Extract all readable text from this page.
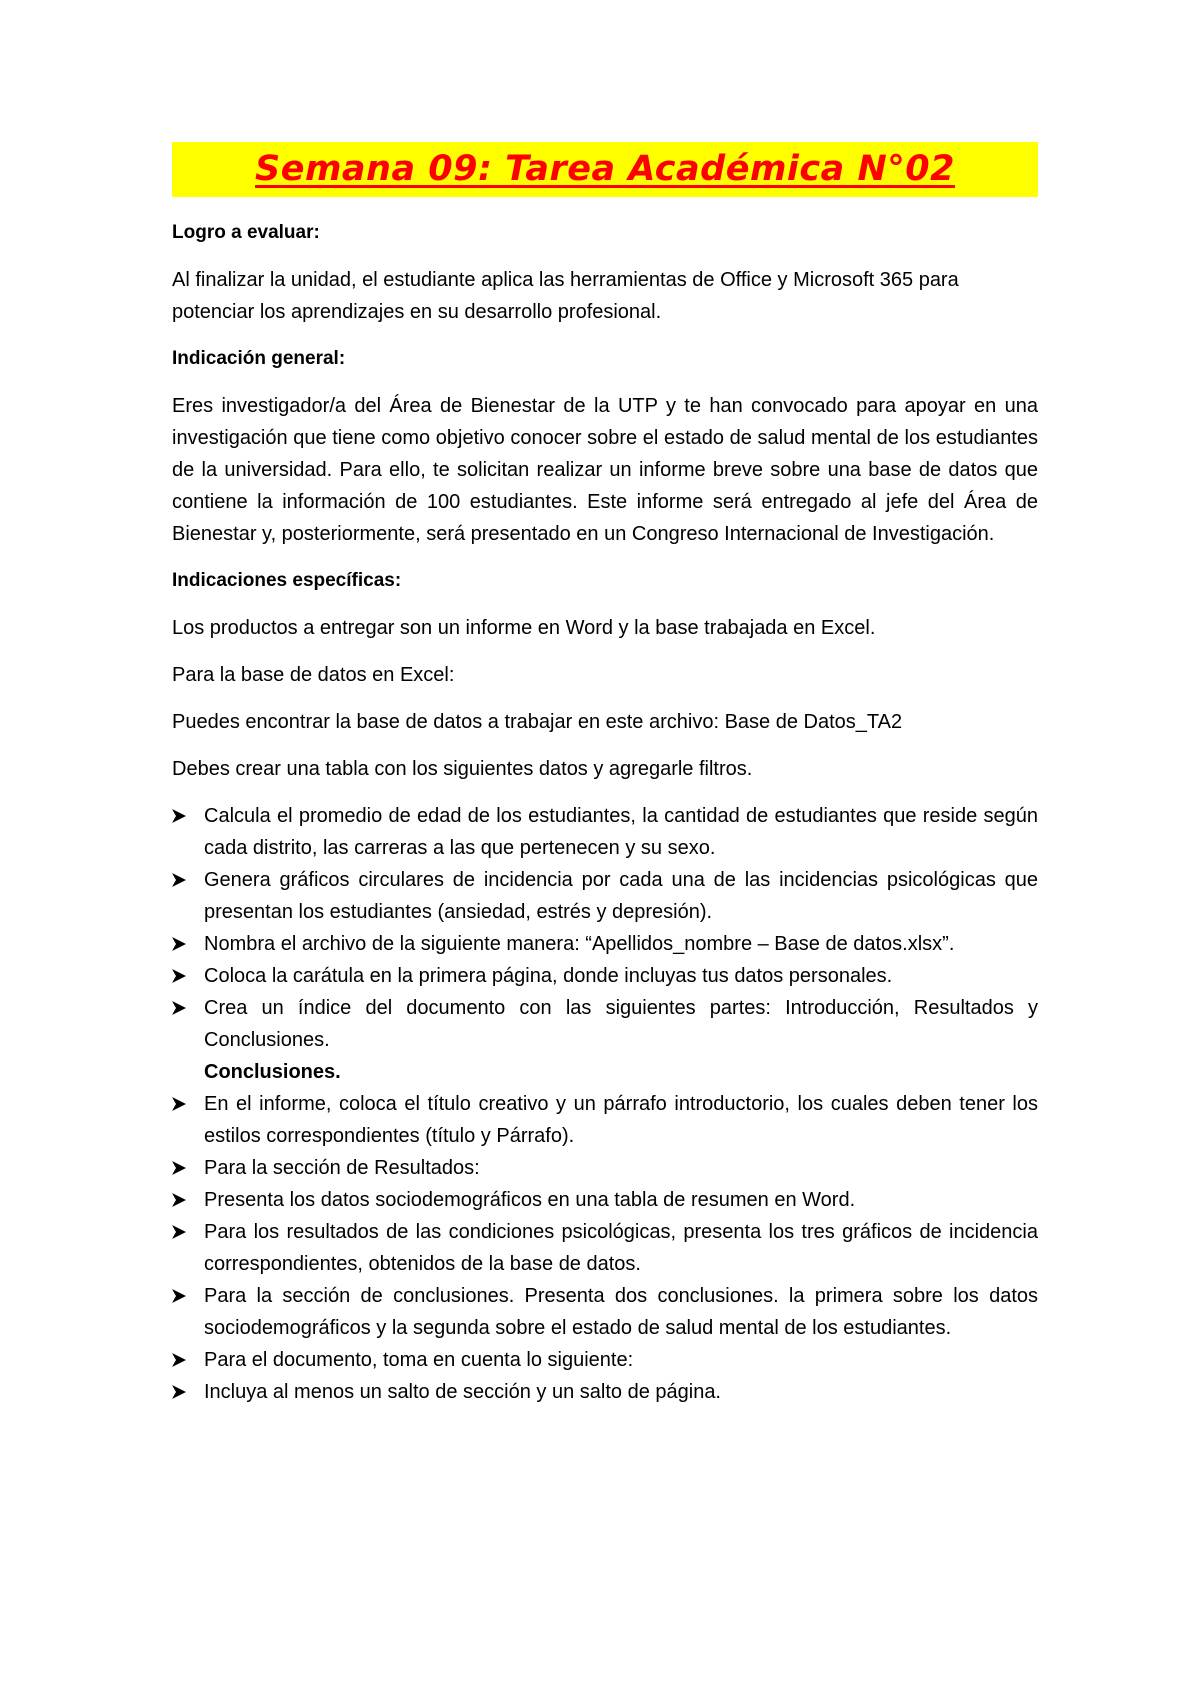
Semana 09: Tarea Académica N°02
Logro a evaluar:

Al finalizar la unidad, el estudiante aplica las herramientas de Office y Microsoft 365 para potenciar los aprendizajes en su desarrollo profesional.

Indicación general:

Eres investigador/a del Área de Bienestar de la UTP y te han convocado para apoyar en una investigación que tiene como objetivo conocer sobre el estado de salud mental de los estudiantes de la universidad. Para ello, te solicitan realizar un informe breve sobre una base de datos que contiene la información de 100 estudiantes. Este informe será entregado al jefe del Área de Bienestar y, posteriormente, será presentado en un Congreso Internacional de Investigación.

Indicaciones específicas:

Los productos a entregar son un informe en Word y la base trabajada en Excel.

Para la base de datos en Excel:

Puedes encontrar la base de datos a trabajar en este archivo: Base de Datos_TA2

Debes crear una tabla con los siguientes datos y agregarle filtros.

Calcula el promedio de edad de los estudiantes, la cantidad de estudiantes que reside según cada distrito, las carreras a las que pertenecen y su sexo.
Genera gráficos circulares de incidencia por cada una de las incidencias psicológicas que presentan los estudiantes (ansiedad, estrés y depresión).
Nombra el archivo de la siguiente manera: “Apellidos_nombre – Base de datos.xlsx”.
Coloca la carátula en la primera página, donde incluyas tus datos personales.
Crea un índice del documento con las siguientes partes: Introducción, Resultados y Conclusiones.
Conclusiones.
En el informe, coloca el título creativo y un párrafo introductorio, los cuales deben tener los estilos correspondientes (título y Párrafo).
Para la sección de Resultados:
Presenta los datos sociodemográficos en una tabla de resumen en Word.
Para los resultados de las condiciones psicológicas, presenta los tres gráficos de incidencia correspondientes, obtenidos de la base de datos.
Para la sección de conclusiones. Presenta dos conclusiones. la primera sobre los datos sociodemográficos y la segunda sobre el estado de salud mental de los estudiantes.
Para el documento, toma en cuenta lo siguiente:
Incluya al menos un salto de sección y un salto de página.
